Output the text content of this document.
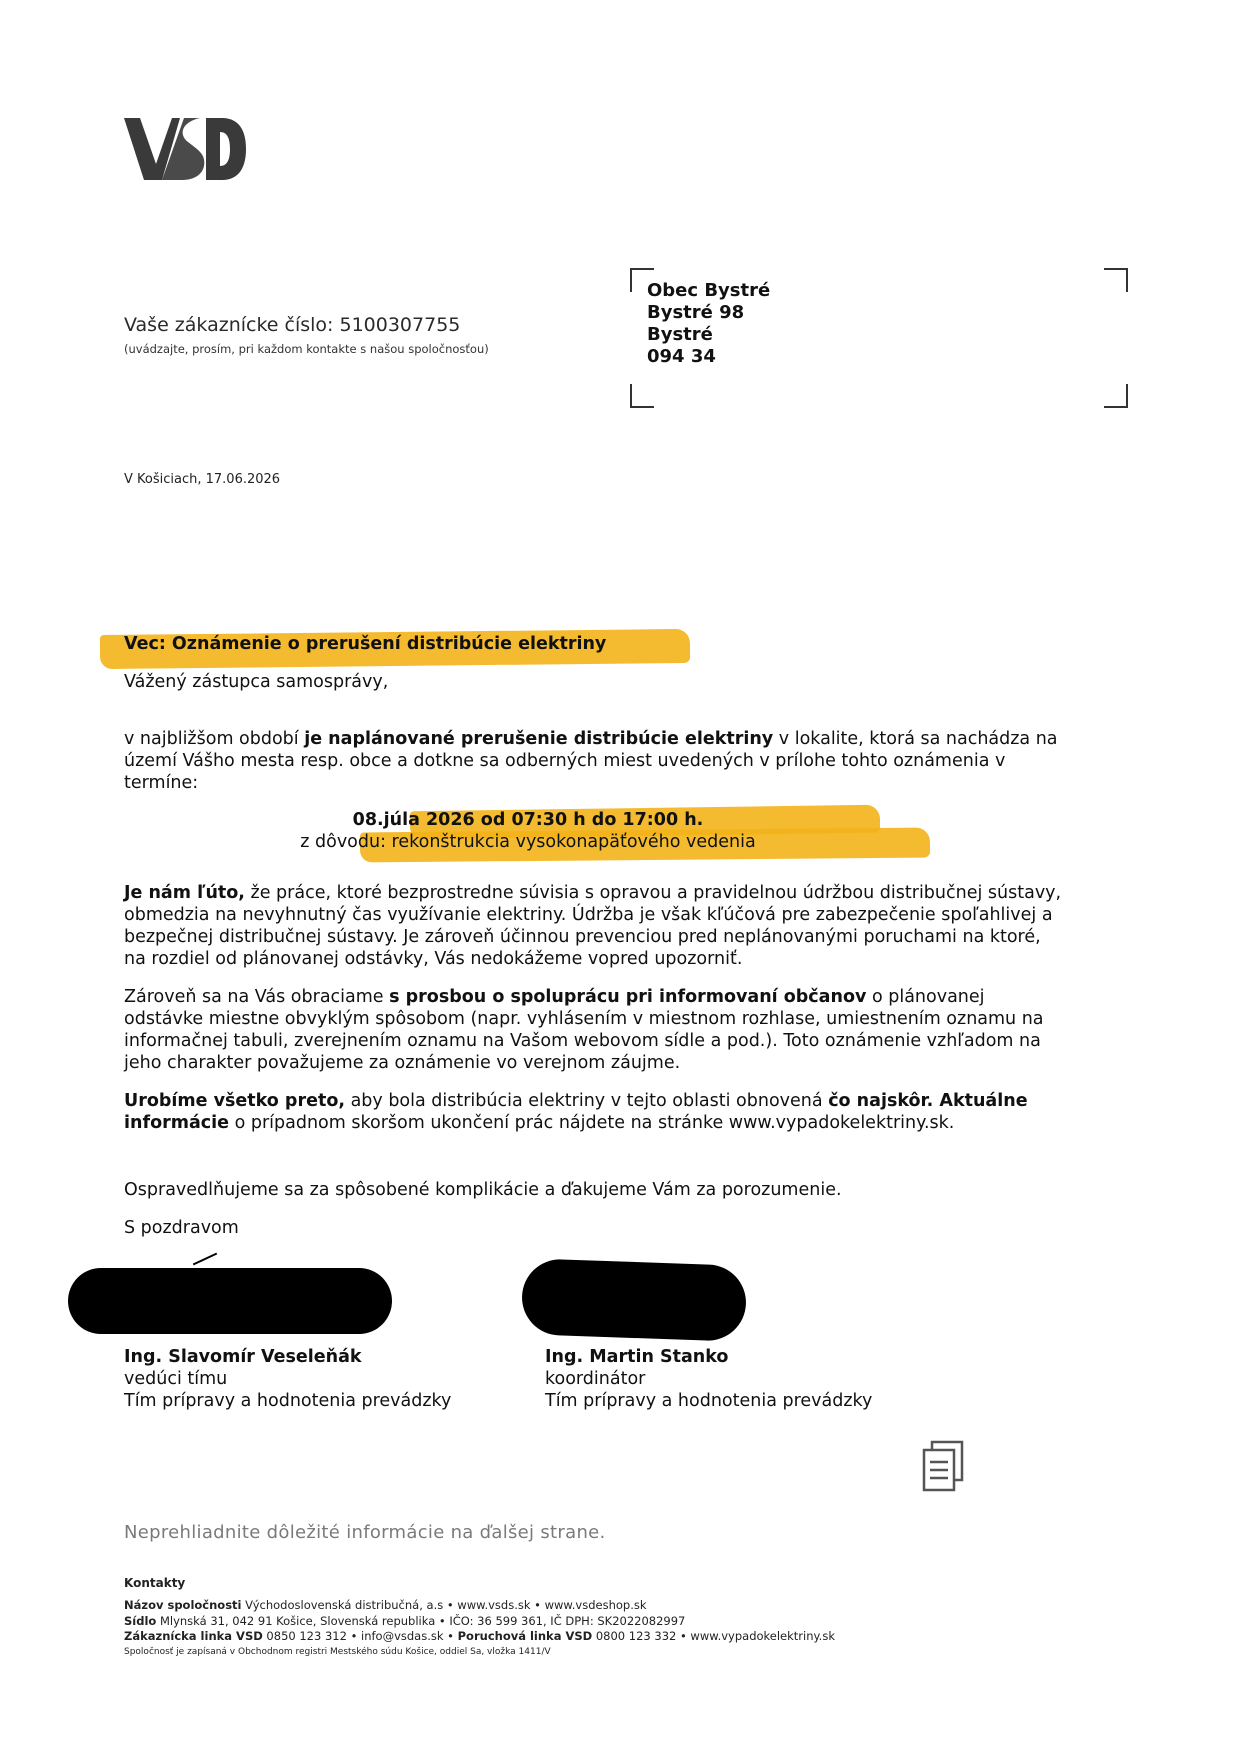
Vaše zákaznícke číslo: 5100307755
(uvádzajte, prosím, pri každom kontakte s našou spoločnosťou)
Obec Bystré
Bystré 98
Bystré
094 34
V Košiciach, 17.06.2026
Vec: Oznámenie o prerušení distribúcie elektriny
Vážený zástupca samosprávy,
v najbližšom období je naplánované prerušenie distribúcie elektriny v lokalite, ktorá sa nachádza na území Vášho mesta resp. obce a dotkne sa odberných miest uvedených v prílohe tohto oznámenia v termíne:
08.júla 2026 od 07:30 h do 17:00 h.
z dôvodu: rekonštrukcia vysokonapäťového vedenia
Je nám ľúto, že práce, ktoré bezprostredne súvisia s opravou a pravidelnou údržbou distribučnej sústavy, obmedzia na nevyhnutný čas využívanie elektriny. Údržba je však kľúčová pre zabezpečenie spoľahlivej a bezpečnej distribučnej sústavy. Je zároveň účinnou prevenciou pred neplánovanými poruchami na ktoré, na rozdiel od plánovanej odstávky, Vás nedokážeme vopred upozorniť.
Zároveň sa na Vás obraciame s prosbou o spoluprácu pri informovaní občanov o plánovanej odstávke miestne obvyklým spôsobom (napr. vyhlásením v miestnom rozhlase, umiestnením oznamu na informačnej tabuli, zverejnením oznamu na Vašom webovom sídle a pod.). Toto oznámenie vzhľadom na jeho charakter považujeme za oznámenie vo verejnom záujme.
Urobíme všetko preto, aby bola distribúcia elektriny v tejto oblasti obnovená čo najskôr. Aktuálne informácie o prípadnom skoršom ukončení prác nájdete na stránke www.vypadokelektriny.sk.
Ospravedlňujeme sa za spôsobené komplikácie a ďakujeme Vám za porozumenie.
S pozdravom
Ing. Slavomír Veseleňák
vedúci tímu
Tím prípravy a hodnotenia prevádzky
Ing. Martin Stanko
koordinátor
Tím prípravy a hodnotenia prevádzky
Neprehliadnite dôležité informácie na ďalšej strane.
Kontakty
Názov spoločnosti Východoslovenská distribučná, a.s • www.vsds.sk • www.vsdeshop.sk
Sídlo Mlynská 31, 042 91 Košice, Slovenská republika • IČO: 36 599 361, IČ DPH: SK2022082997
Zákaznícka linka VSD 0850 123 312 • info@vsdas.sk • Poruchová linka VSD 0800 123 332 • www.vypadokelektriny.sk
Spoločnosť je zapísaná v Obchodnom registri Mestského súdu Košice, oddiel Sa, vložka 1411/V
